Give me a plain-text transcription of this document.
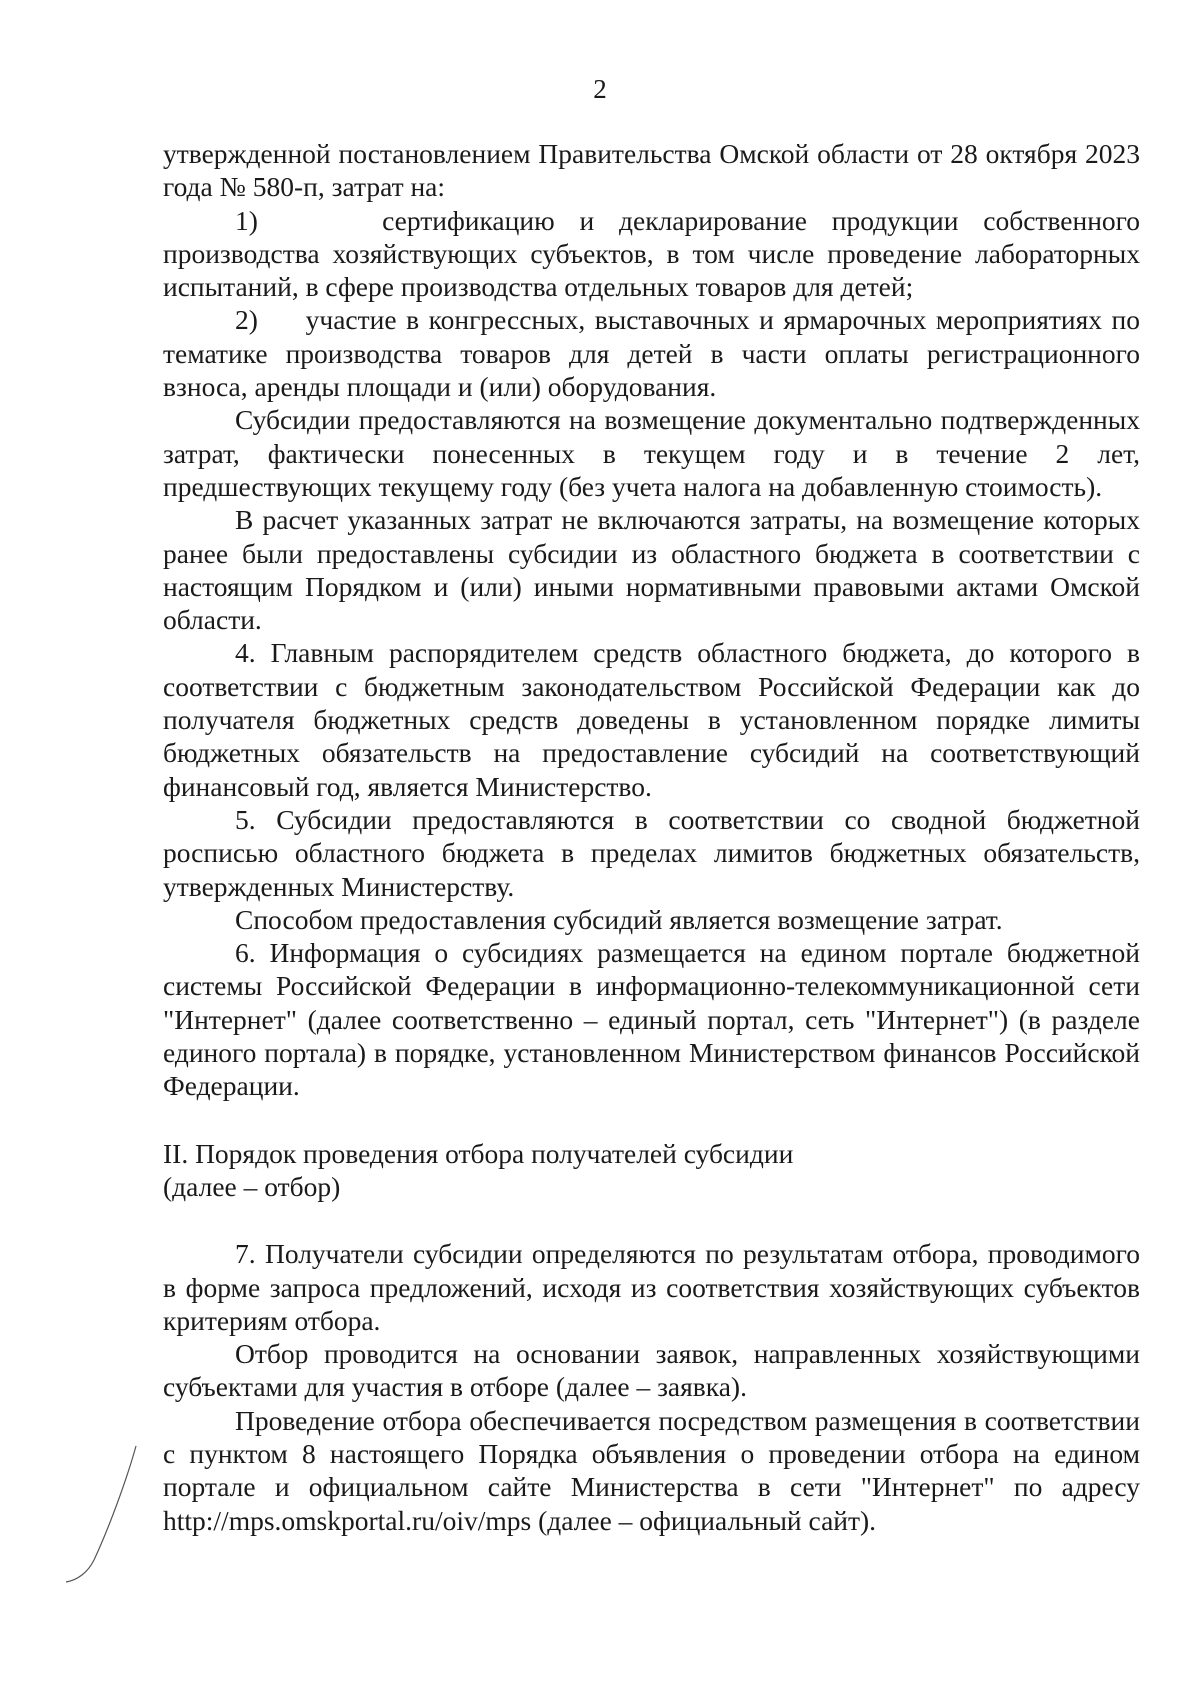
2

утвержденной постановлением Правительства Омской области от 28 октября 2023 года № 580-п, затрат на:

1)     сертификацию и декларирование продукции собственного производства хозяйствующих субъектов, в том числе проведение лабораторных испытаний, в сфере производства отдельных товаров для детей;

2)     участие в конгрессных, выставочных и ярмарочных мероприятиях по тематике производства товаров для детей в части оплаты регистрационного взноса, аренды площади и (или) оборудования.

Субсидии предоставляются на возмещение документально подтвержденных затрат, фактически понесенных в текущем году и в течение 2 лет, предшествующих текущему году (без учета налога на добавленную стоимость).

В расчет указанных затрат не включаются затраты, на возмещение которых ранее были предоставлены субсидии из областного бюджета в соответствии с настоящим Порядком и (или) иными нормативными правовыми актами Омской области.

4. Главным распорядителем средств областного бюджета, до которого в соответствии с бюджетным законодательством Российской Федерации как до получателя бюджетных средств доведены в установленном порядке лимиты бюджетных обязательств на предоставление субсидий на соответствующий финансовый год, является Министерство.

5. Субсидии предоставляются в соответствии со сводной бюджетной росписью областного бюджета в пределах лимитов бюджетных обязательств, утвержденных Министерству.

Способом предоставления субсидий является возмещение затрат.

6. Информация о субсидиях размещается на едином портале бюджетной системы Российской Федерации в информационно-телекоммуникационной сети "Интернет" (далее соответственно – единый портал, сеть "Интернет") (в разделе единого портала) в порядке, установленном Министерством финансов Российской Федерации.

II. Порядок проведения отбора получателей субсидии

(далее – отбор)

7. Получатели субсидии определяются по результатам отбора, проводимого в форме запроса предложений, исходя из соответствия хозяйствующих субъектов критериям отбора.

Отбор проводится на основании заявок, направленных хозяйствующими субъектами для участия в отборе (далее – заявка).

Проведение отбора обеспечивается посредством размещения в соответствии с пунктом 8 настоящего Порядка объявления о проведении отбора на едином портале и официальном сайте Министерства в сети "Интернет" по адресу http://mps.omskportal.ru/oiv/mps (далее – официальный сайт).
